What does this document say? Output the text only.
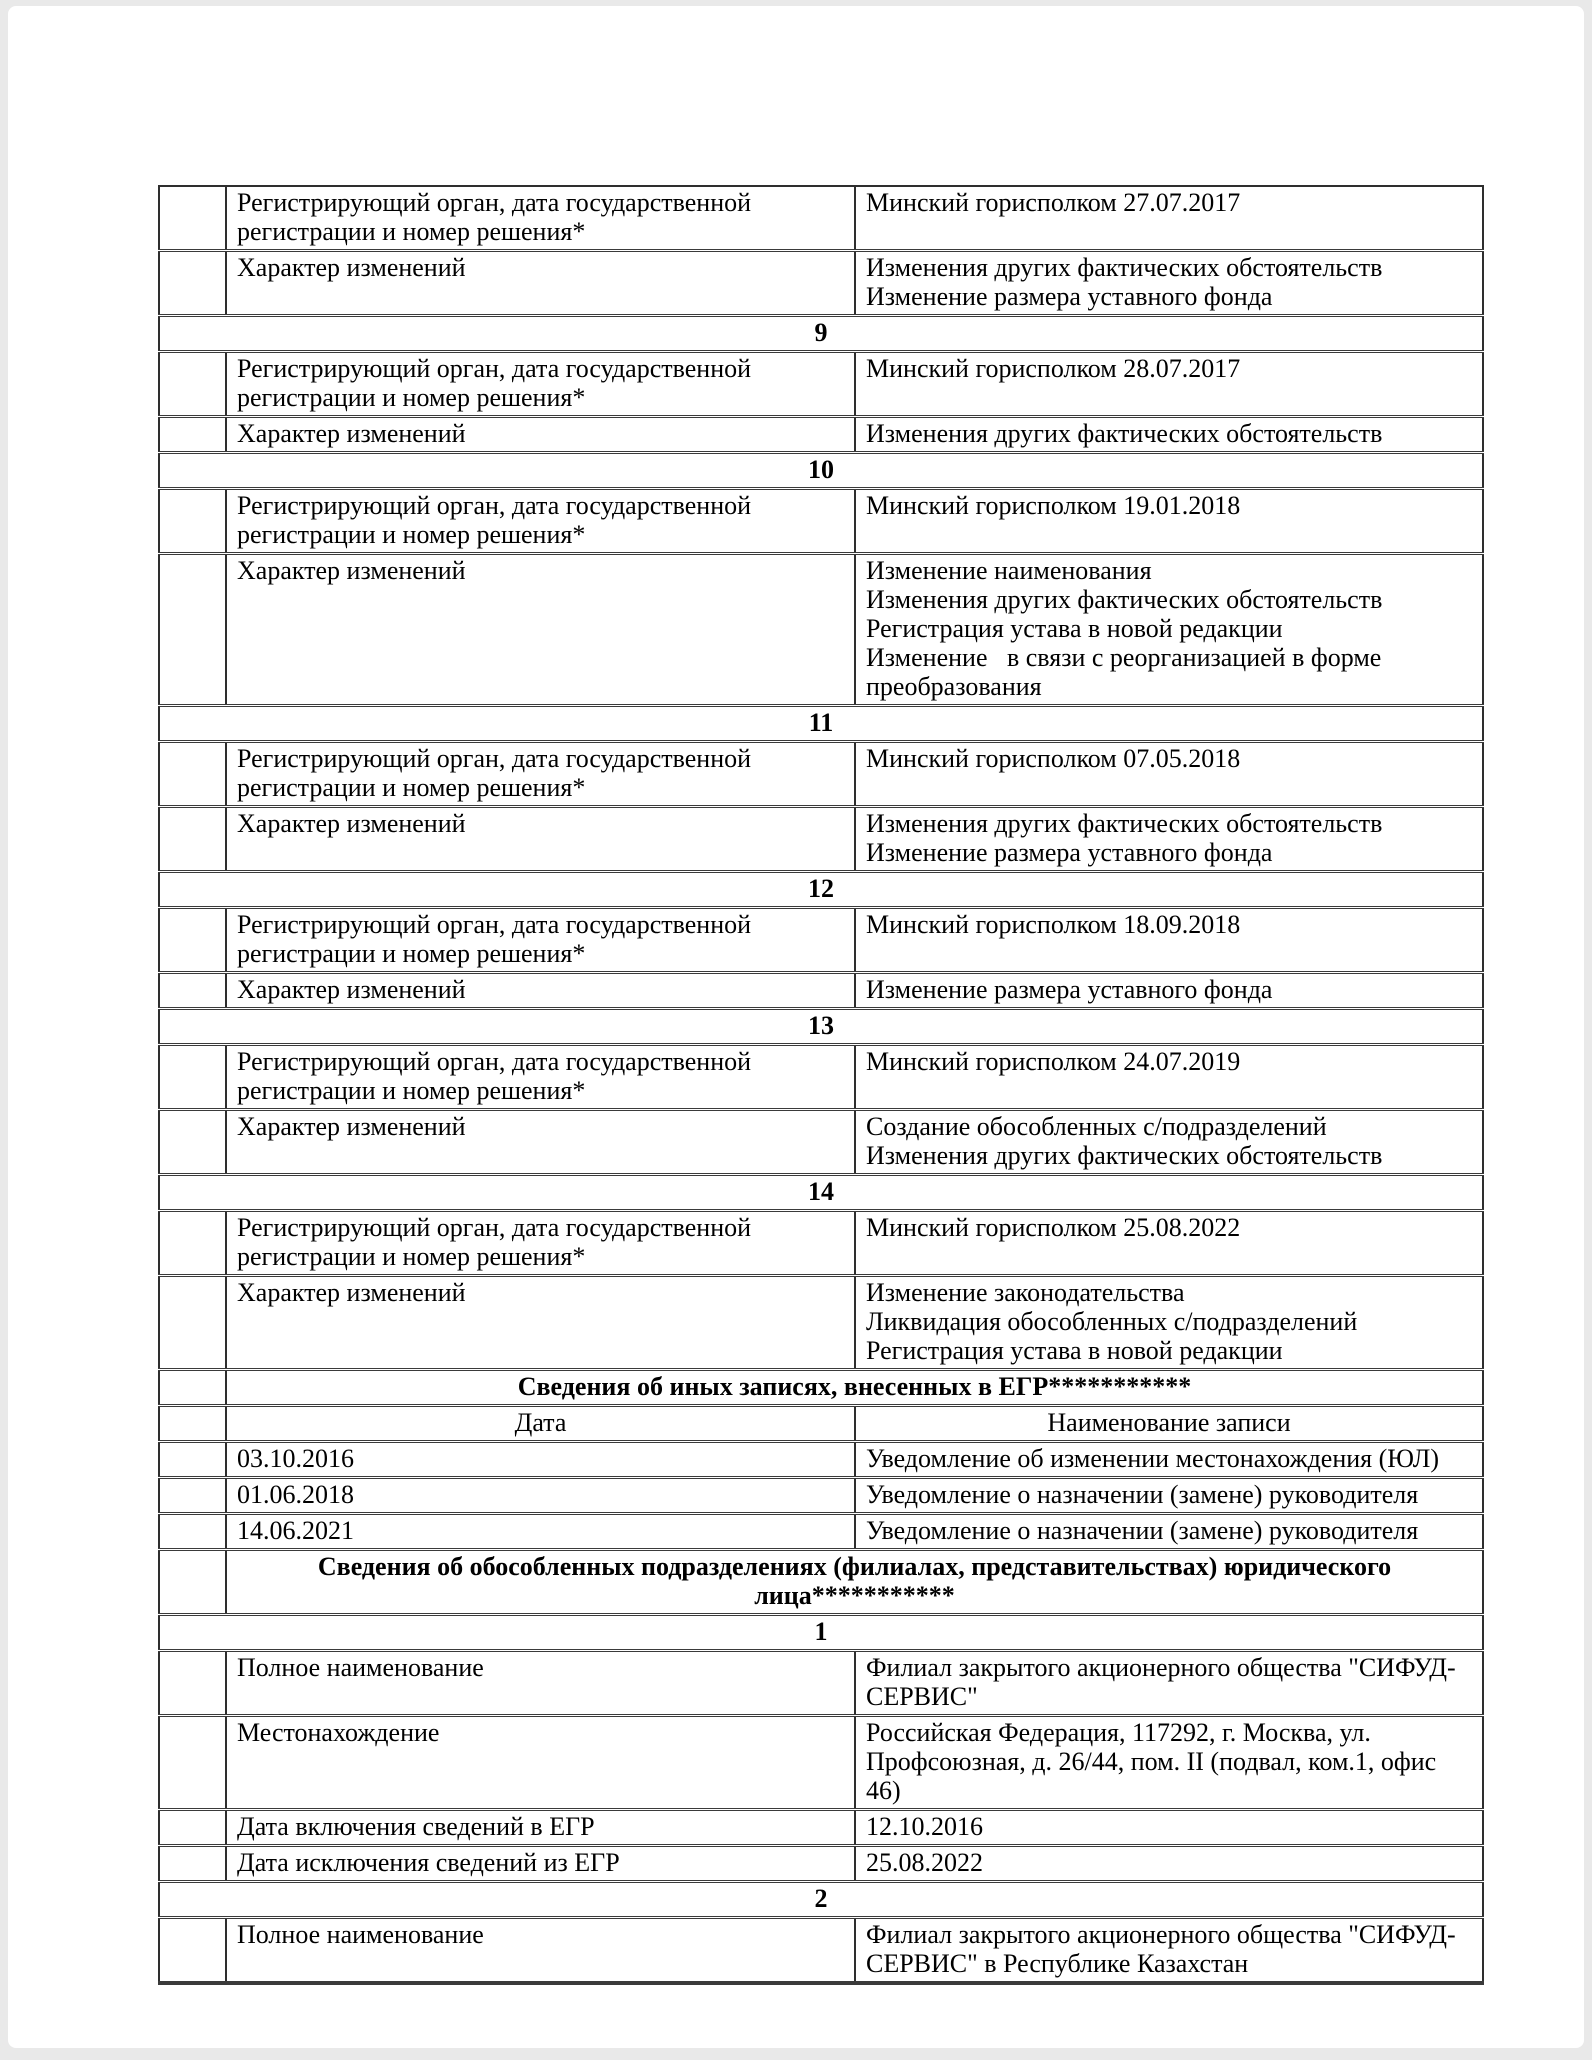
	Регистрирующий орган, дата государственной регистрации и номер решения*	Минский горисполком 27.07.2017

	Характер изменений	Изменения других фактических обстоятельств
Изменение размера уставного фонда

9		
	Регистрирующий орган, дата государственной регистрации и номер решения*	Минский горисполком 28.07.2017

	Характер изменений	Изменения других фактических обстоятельств

10		
	Регистрирующий орган, дата государственной регистрации и номер решения*	Минский горисполком 19.01.2018

	Характер изменений	Изменение наименования
Изменения других фактических обстоятельств
Регистрация устава в новой редакции
Изменение   в связи с реорганизацией в форме преобразования

11		
	Регистрирующий орган, дата государственной регистрации и номер решения*	Минский горисполком 07.05.2018

	Характер изменений	Изменения других фактических обстоятельств
Изменение размера уставного фонда

12		
	Регистрирующий орган, дата государственной регистрации и номер решения*	Минский горисполком 18.09.2018

	Характер изменений	Изменение размера уставного фонда

13		
	Регистрирующий орган, дата государственной регистрации и номер решения*	Минский горисполком 24.07.2019

	Характер изменений	Создание обособленных с/подразделений
Изменения других фактических обстоятельств

14		
	Регистрирующий орган, дата государственной регистрации и номер решения*	Минский горисполком 25.08.2022

	Характер изменений	Изменение законодательства
Ликвидация обособленных с/подразделений
Регистрация устава в новой редакции

	Сведения об иных записях, внесенных в ЕГР***********	
	Дата	Наименование записи
	03.10.2016	Уведомление об изменении местонахождения (ЮЛ)

	01.06.2018	Уведомление о назначении (замене) руководителя

	14.06.2021	Уведомление о назначении (замене) руководителя

	Сведения об обособленных подразделениях (филиалах, представительствах) юридического лица***********	
1		
	Полное наименование	Филиал закрытого акционерного общества "СИФУД-СЕРВИС"

	Местонахождение	Российская Федерация, 117292, г. Москва, ул. Профсоюзная, д. 26/44, пом. II (подвал, ком.1, офис 46)

	Дата включения сведений в ЕГР	12.10.2016

	Дата исключения сведений из ЕГР	25.08.2022

2		
	Полное наименование	Филиал закрытого акционерного общества "СИФУД-СЕРВИС" в Республике Казахстан
